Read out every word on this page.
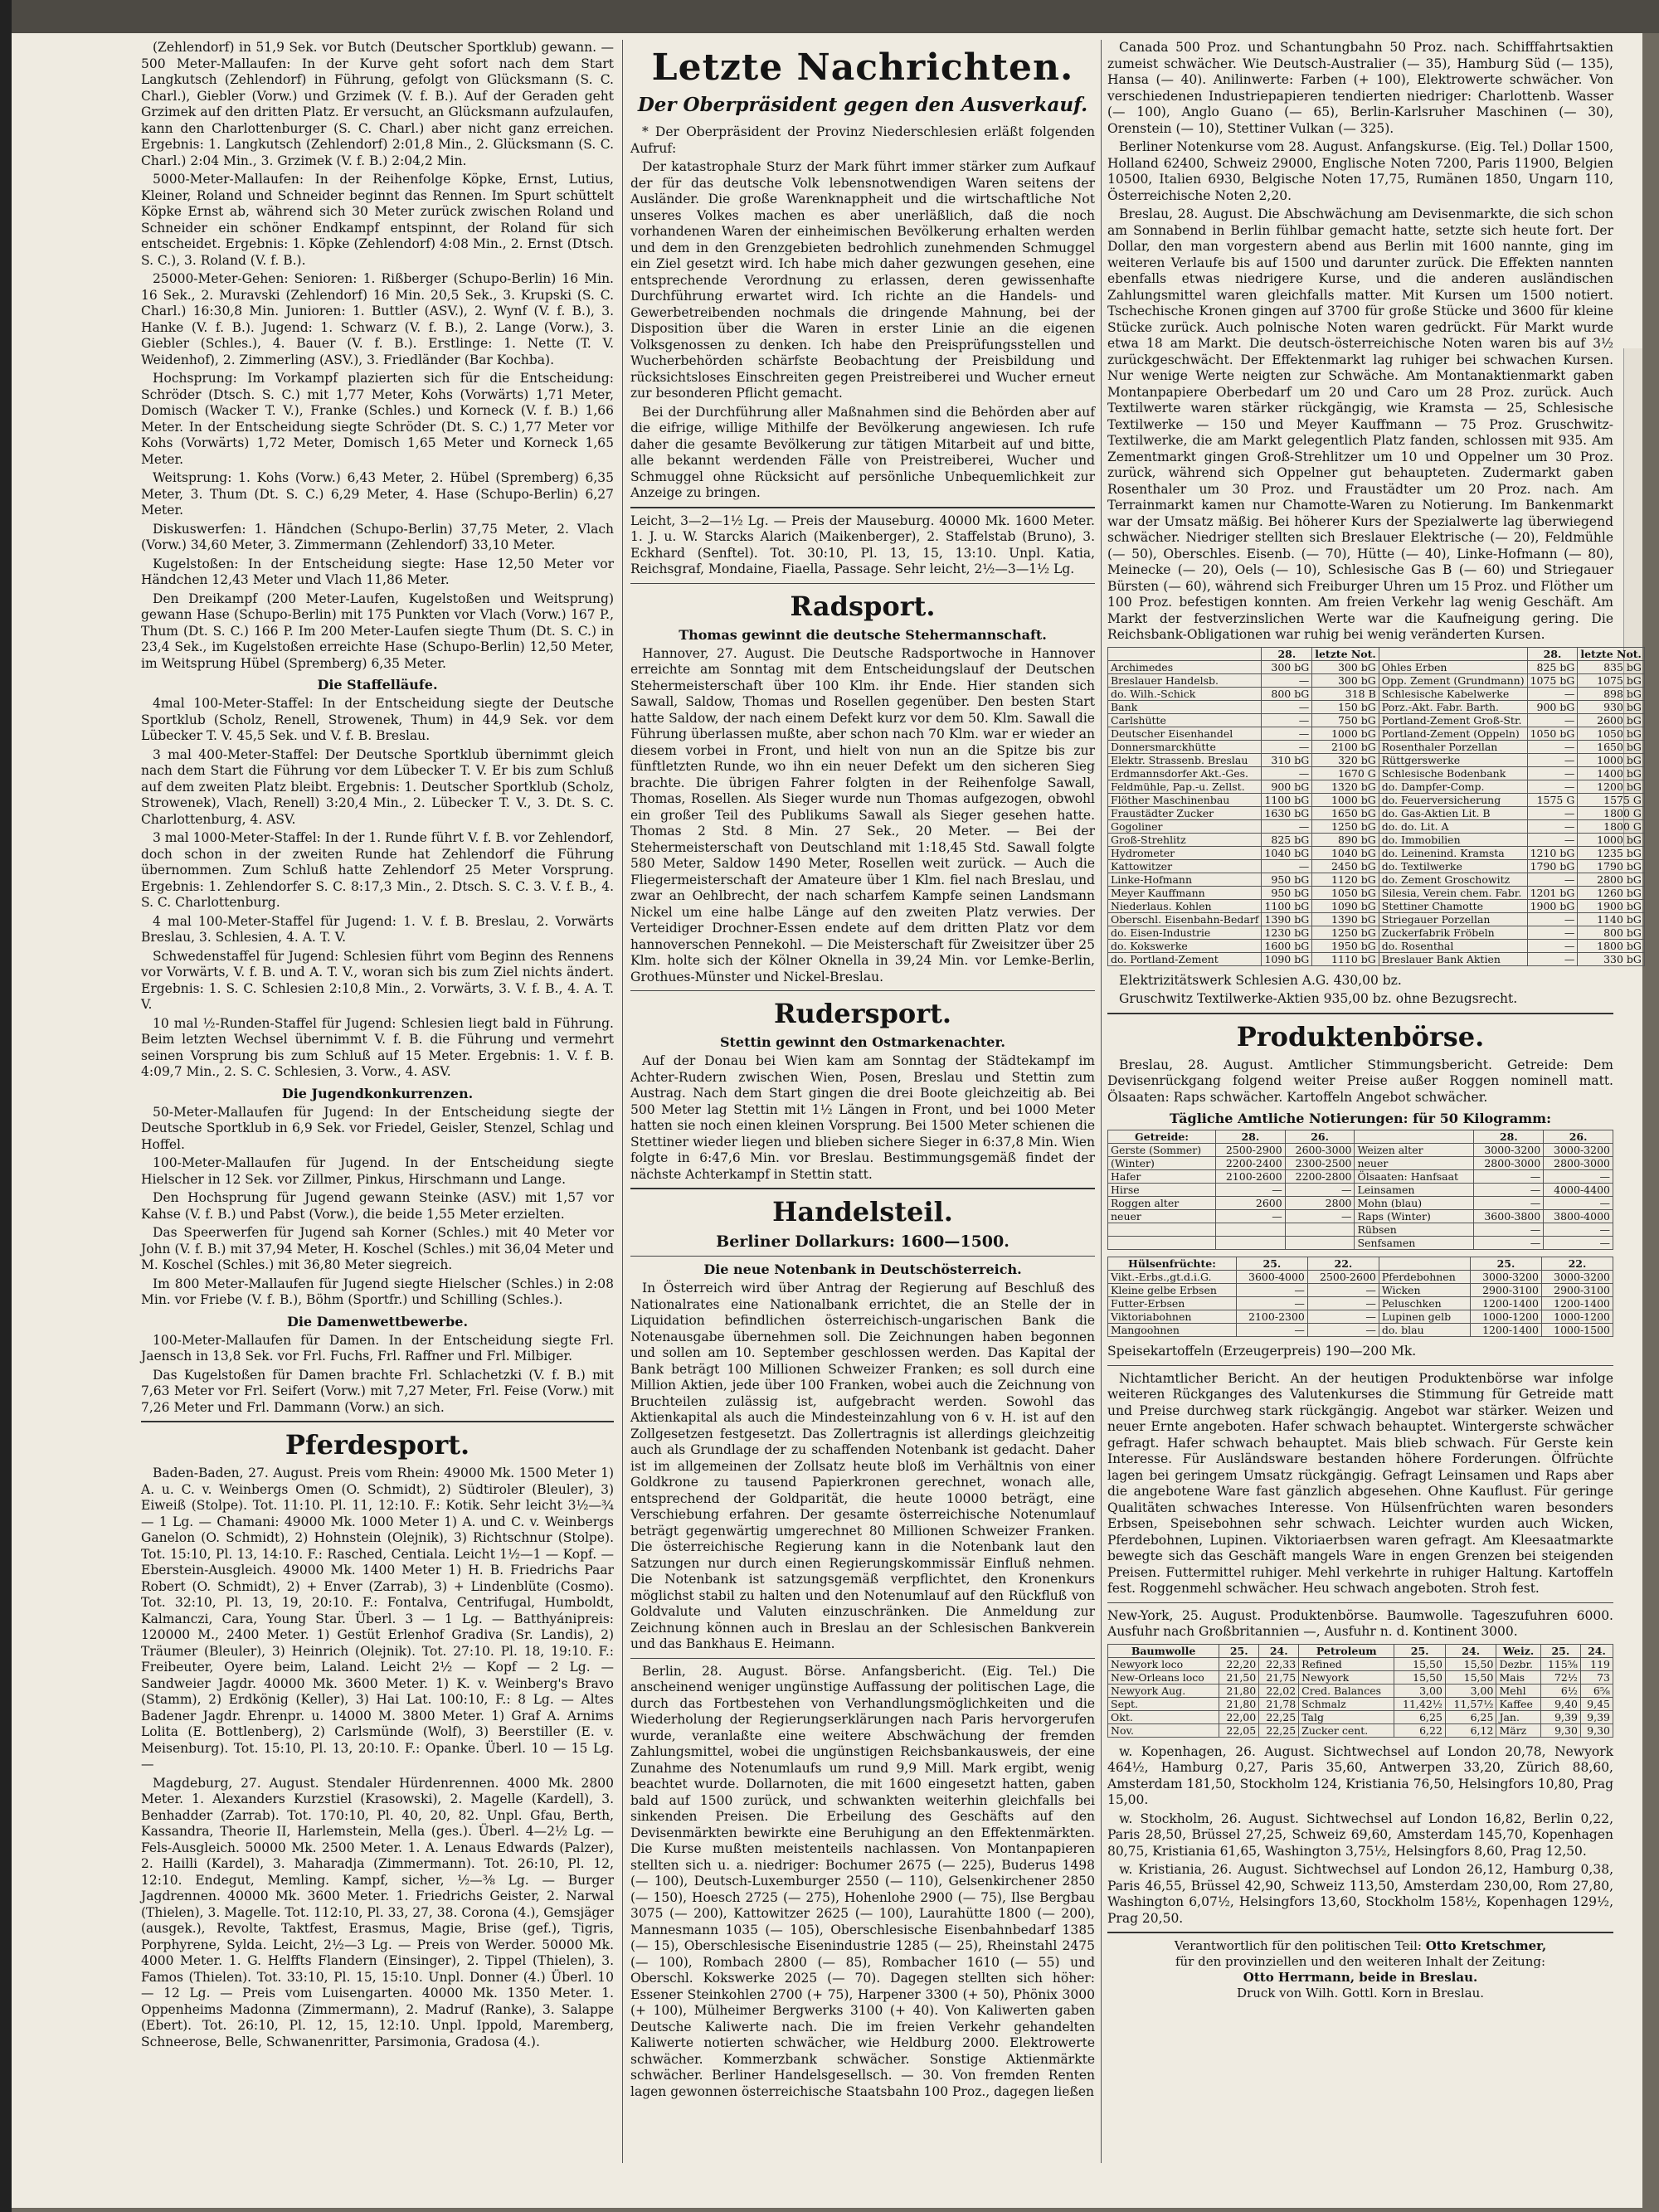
(Zehlendorf) in 51,9 Sek. vor Butch (Deutscher Sportklub) gewann. — 500 Meter-Mallaufen: In der Kurve geht sofort nach dem Start Langkutsch (Zehlendorf) in Führung, gefolgt von Glücksmann (S. C. Charl.), Giebler (Vorw.) und Grzimek (V. f. B.). Auf der Geraden geht Grzimek auf den dritten Platz. Er versucht, an Glücksmann aufzulaufen, kann den Charlottenburger (S. C. Charl.) aber nicht ganz erreichen. Ergebnis: 1. Langkutsch (Zehlendorf) 2:01,8 Min., 2. Glücksmann (S. C. Charl.) 2:04 Min., 3. Grzimek (V. f. B.) 2:04,2 Min.

5000-Meter-Mallaufen: In der Reihenfolge Köpke, Ernst, Lutius, Kleiner, Roland und Schneider beginnt das Rennen. Im Spurt schüttelt Köpke Ernst ab, während sich 30 Meter zurück zwischen Roland und Schneider ein schöner Endkampf entspinnt, der Roland für sich entscheidet. Ergebnis: 1. Köpke (Zehlendorf) 4:08 Min., 2. Ernst (Dtsch. S. C.), 3. Roland (V. f. B.).

25000-Meter-Gehen: Senioren: 1. Rißberger (Schupo-Berlin) 16 Min. 16 Sek., 2. Muravski (Zehlendorf) 16 Min. 20,5 Sek., 3. Krupski (S. C. Charl.) 16:30,8 Min. Junioren: 1. Buttler (ASV.), 2. Wynf (V. f. B.), 3. Hanke (V. f. B.). Jugend: 1. Schwarz (V. f. B.), 2. Lange (Vorw.), 3. Giebler (Schles.), 4. Bauer (V. f. B.). Erstlinge: 1. Nette (T. V. Weidenhof), 2. Zimmerling (ASV.), 3. Friedländer (Bar Kochba).

Hochsprung: Im Vorkampf plazierten sich für die Entscheidung: Schröder (Dtsch. S. C.) mit 1,77 Meter, Kohs (Vorwärts) 1,71 Meter, Domisch (Wacker T. V.), Franke (Schles.) und Korneck (V. f. B.) 1,66 Meter. In der Entscheidung siegte Schröder (Dt. S. C.) 1,77 Meter vor Kohs (Vorwärts) 1,72 Meter, Domisch 1,65 Meter und Korneck 1,65 Meter.

Weitsprung: 1. Kohs (Vorw.) 6,43 Meter, 2. Hübel (Spremberg) 6,35 Meter, 3. Thum (Dt. S. C.) 6,29 Meter, 4. Hase (Schupo-Berlin) 6,27 Meter.

Diskuswerfen: 1. Händchen (Schupo-Berlin) 37,75 Meter, 2. Vlach (Vorw.) 34,60 Meter, 3. Zimmermann (Zehlendorf) 33,10 Meter.

Kugelstoßen: In der Entscheidung siegte: Hase 12,50 Meter vor Händchen 12,43 Meter und Vlach 11,86 Meter.

Den Dreikampf (200 Meter-Laufen, Kugelstoßen und Weitsprung) gewann Hase (Schupo-Berlin) mit 175 Punkten vor Vlach (Vorw.) 167 P., Thum (Dt. S. C.) 166 P. Im 200 Meter-Laufen siegte Thum (Dt. S. C.) in 23,4 Sek., im Kugelstoßen erreichte Hase (Schupo-Berlin) 12,50 Meter, im Weitsprung Hübel (Spremberg) 6,35 Meter.

Die Staffelläufe.

4mal 100-Meter-Staffel: In der Entscheidung siegte der Deutsche Sportklub (Scholz, Renell, Strowenek, Thum) in 44,9 Sek. vor dem Lübecker T. V. 45,5 Sek. und V. f. B. Breslau.

3 mal 400-Meter-Staffel: Der Deutsche Sportklub übernimmt gleich nach dem Start die Führung vor dem Lübecker T. V. Er bis zum Schluß auf dem zweiten Platz bleibt. Ergebnis: 1. Deutscher Sportklub (Scholz, Strowenek), Vlach, Renell) 3:20,4 Min., 2. Lübecker T. V., 3. Dt. S. C. Charlottenburg, 4. ASV.

3 mal 1000-Meter-Staffel: In der 1. Runde führt V. f. B. vor Zehlendorf, doch schon in der zweiten Runde hat Zehlendorf die Führung übernommen. Zum Schluß hatte Zehlendorf 25 Meter Vorsprung. Ergebnis: 1. Zehlendorfer S. C. 8:17,3 Min., 2. Dtsch. S. C. 3. V. f. B., 4. S. C. Charlottenburg.

4 mal 100-Meter-Staffel für Jugend: 1. V. f. B. Breslau, 2. Vorwärts Breslau, 3. Schlesien, 4. A. T. V.

Schwedenstaffel für Jugend: Schlesien führt vom Beginn des Rennens vor Vorwärts, V. f. B. und A. T. V., woran sich bis zum Ziel nichts ändert. Ergebnis: 1. S. C. Schlesien 2:10,8 Min., 2. Vorwärts, 3. V. f. B., 4. A. T. V.

10 mal ½-Runden-Staffel für Jugend: Schlesien liegt bald in Führung. Beim letzten Wechsel übernimmt V. f. B. die Führung und vermehrt seinen Vorsprung bis zum Schluß auf 15 Meter. Ergebnis: 1. V. f. B. 4:09,7 Min., 2. S. C. Schlesien, 3. Vorw., 4. ASV.

Die Jugendkonkurrenzen.

50-Meter-Mallaufen für Jugend: In der Entscheidung siegte der Deutsche Sportklub in 6,9 Sek. vor Friedel, Geisler, Stenzel, Schlag und Hoffel.

100-Meter-Mallaufen für Jugend. In der Entscheidung siegte Hielscher in 12 Sek. vor Zillmer, Pinkus, Hirschmann und Lange.

Den Hochsprung für Jugend gewann Steinke (ASV.) mit 1,57 vor Kahse (V. f. B.) und Pabst (Vorw.), die beide 1,55 Meter erzielten.

Das Speerwerfen für Jugend sah Korner (Schles.) mit 40 Meter vor John (V. f. B.) mit 37,94 Meter, H. Koschel (Schles.) mit 36,04 Meter und M. Koschel (Schles.) mit 36,80 Meter siegreich.

Im 800 Meter-Mallaufen für Jugend siegte Hielscher (Schles.) in 2:08 Min. vor Friebe (V. f. B.), Böhm (Sportfr.) und Schilling (Schles.).

Die Damenwettbewerbe.

100-Meter-Mallaufen für Damen. In der Entscheidung siegte Frl. Jaensch in 13,8 Sek. vor Frl. Fuchs, Frl. Raffner und Frl. Milbiger.

Das Kugelstoßen für Damen brachte Frl. Schlachetzki (V. f. B.) mit 7,63 Meter vor Frl. Seifert (Vorw.) mit 7,27 Meter, Frl. Feise (Vorw.) mit 7,26 Meter und Frl. Dammann (Vorw.) an sich.

Pferdesport.

Baden-Baden, 27. August. Preis vom Rhein: 49000 Mk. 1500 Meter 1) A. u. C. v. Weinbergs Omen (O. Schmidt), 2) Südtiroler (Bleuler), 3) Eiweiß (Stolpe). Tot. 11:10. Pl. 11, 12:10. F.: Kotik. Sehr leicht 3½—¾ — 1 Lg. — Chamani: 49000 Mk. 1000 Meter 1) A. und C. v. Weinbergs Ganelon (O. Schmidt), 2) Hohnstein (Olejnik), 3) Richtschnur (Stolpe). Tot. 15:10, Pl. 13, 14:10. F.: Rasched, Centiala. Leicht 1½—1 — Kopf. — Eberstein-Ausgleich. 49000 Mk. 1400 Meter 1) H. B. Friedrichs Paar Robert (O. Schmidt), 2) + Enver (Zarrab), 3) + Lindenblüte (Cosmo). Tot. 32:10, Pl. 13, 19, 20:10. F.: Fontalva, Centrifugal, Humboldt, Kalmanczi, Cara, Young Star. Überl. 3 — 1 Lg. — Batthyánipreis: 120000 M., 2400 Meter. 1) Gestüt Erlenhof Gradiva (Sr. Landis), 2) Träumer (Bleuler), 3) Heinrich (Olejnik). Tot. 27:10. Pl. 18, 19:10. F.: Freibeuter, Oyere beim, Laland. Leicht 2½ — Kopf — 2 Lg. — Sandweier Jagdr. 40000 Mk. 3600 Meter. 1) K. v. Weinberg's Bravo (Stamm), 2) Erdkönig (Keller), 3) Hai Lat. 100:10, F.: 8 Lg. — Altes Badener Jagdr. Ehrenpr. u. 14000 M. 3800 Meter. 1) Graf A. Arnims Lolita (E. Bottlenberg), 2) Carlsmünde (Wolf), 3) Beerstiller (E. v. Meisenburg). Tot. 15:10, Pl. 13, 20:10. F.: Opanke. Überl. 10 — 15 Lg. —

Magdeburg, 27. August. Stendaler Hürdenrennen. 4000 Mk. 2800 Meter. 1. Alexanders Kurzstiel (Krasowski), 2. Magelle (Kardell), 3. Benhadder (Zarrab). Tot. 170:10, Pl. 40, 20, 82. Unpl. Gfau, Berth, Kassandra, Theorie II, Harlemstein, Mella (ges.). Überl. 4—2½ Lg. — Fels-Ausgleich. 50000 Mk. 2500 Meter. 1. A. Lenaus Edwards (Palzer), 2. Hailli (Kardel), 3. Maharadja (Zimmermann). Tot. 26:10, Pl. 12, 12:10. Endegut, Memling. Kampf, sicher, ½—⅜ Lg. — Burger Jagdrennen. 40000 Mk. 3600 Meter. 1. Friedrichs Geister, 2. Narwal (Thielen), 3. Magelle. Tot. 112:10, Pl. 33, 27, 38. Corona (4.), Gemsjäger (ausgek.), Revolte, Taktfest, Erasmus, Magie, Brise (gef.), Tigris, Porphyrene, Sylda. Leicht, 2½—3 Lg. — Preis von Werder. 50000 Mk. 4000 Meter. 1. G. Helffts Flandern (Einsinger), 2. Tippel (Thielen), 3. Famos (Thielen). Tot. 33:10, Pl. 15, 15:10. Unpl. Donner (4.) Überl. 10 — 12 Lg. — Preis vom Luisengarten. 40000 Mk. 1350 Meter. 1. Oppenheims Madonna (Zimmermann), 2. Madruf (Ranke), 3. Salappe (Ebert). Tot. 26:10, Pl. 12, 15, 12:10. Unpl. Ippold, Maremberg, Schneerose, Belle, Schwanenritter, Parsimonia, Gradosa (4.).

Letzte Nachrichten.
Der Oberpräsident gegen den Ausverkauf.

* Der Oberpräsident der Provinz Niederschlesien erläßt folgenden Aufruf:

Der katastrophale Sturz der Mark führt immer stärker zum Aufkauf der für das deutsche Volk lebensnotwendigen Waren seitens der Ausländer. Die große Warenknappheit und die wirtschaftliche Not unseres Volkes machen es aber unerläßlich, daß die noch vorhandenen Waren der einheimischen Bevölkerung erhalten werden und dem in den Grenzgebieten bedrohlich zunehmenden Schmuggel ein Ziel gesetzt wird. Ich habe mich daher gezwungen gesehen, eine entsprechende Verordnung zu erlassen, deren gewissenhafte Durchführung erwartet wird. Ich richte an die Handels- und Gewerbetreibenden nochmals die dringende Mahnung, bei der Disposition über die Waren in erster Linie an die eigenen Volksgenossen zu denken. Ich habe den Preisprüfungsstellen und Wucherbehörden schärfste Beobachtung der Preisbildung und rücksichtsloses Einschreiten gegen Preistreiberei und Wucher erneut zur besonderen Pflicht gemacht.

Bei der Durchführung aller Maßnahmen sind die Behörden aber auf die eifrige, willige Mithilfe der Bevölkerung angewiesen. Ich rufe daher die gesamte Bevölkerung zur tätigen Mitarbeit auf und bitte, alle bekannt werdenden Fälle von Preistreiberei, Wucher und Schmuggel ohne Rücksicht auf persönliche Unbequemlichkeit zur Anzeige zu bringen.

Leicht, 3—2—1½ Lg. — Preis der Mauseburg. 40000 Mk. 1600 Meter. 1. J. u. W. Starcks Alarich (Maikenberger), 2. Staffelstab (Bruno), 3. Eckhard (Senftel). Tot. 30:10, Pl. 13, 15, 13:10. Unpl. Katia, Reichsgraf, Mondaine, Fiaella, Passage. Sehr leicht, 2½—3—1½ Lg.

Radsport.
Thomas gewinnt die deutsche Stehermannschaft.

Hannover, 27. August. Die Deutsche Radsportwoche in Hannover erreichte am Sonntag mit dem Entscheidungslauf der Deutschen Stehermeisterschaft über 100 Klm. ihr Ende. Hier standen sich Sawall, Saldow, Thomas und Rosellen gegenüber. Den besten Start hatte Saldow, der nach einem Defekt kurz vor dem 50. Klm. Sawall die Führung überlassen mußte, aber schon nach 70 Klm. war er wieder an diesem vorbei in Front, und hielt von nun an die Spitze bis zur fünftletzten Runde, wo ihn ein neuer Defekt um den sicheren Sieg brachte. Die übrigen Fahrer folgten in der Reihenfolge Sawall, Thomas, Rosellen. Als Sieger wurde nun Thomas aufgezogen, obwohl ein großer Teil des Publikums Sawall als Sieger gesehen hatte. Thomas 2 Std. 8 Min. 27 Sek., 20 Meter. — Bei der Stehermeisterschaft von Deutschland mit 1:18,45 Std. Sawall folgte 580 Meter, Saldow 1490 Meter, Rosellen weit zurück. — Auch die Fliegermeisterschaft der Amateure über 1 Klm. fiel nach Breslau, und zwar an Oehlbrecht, der nach scharfem Kampfe seinen Landsmann Nickel um eine halbe Länge auf den zweiten Platz verwies. Der Verteidiger Drochner-Essen endete auf dem dritten Platz vor dem hannoverschen Pennekohl. — Die Meisterschaft für Zweisitzer über 25 Klm. holte sich der Kölner Oknella in 39,24 Min. vor Lemke-Berlin, Grothues-Münster und Nickel-Breslau.

Rudersport.
Stettin gewinnt den Ostmarkenachter.

Auf der Donau bei Wien kam am Sonntag der Städtekampf im Achter-Rudern zwischen Wien, Posen, Breslau und Stettin zum Austrag. Nach dem Start gingen die drei Boote gleichzeitig ab. Bei 500 Meter lag Stettin mit 1½ Längen in Front, und bei 1000 Meter hatten sie noch einen kleinen Vorsprung. Bei 1500 Meter schienen die Stettiner wieder liegen und blieben sichere Sieger in 6:37,8 Min. Wien folgte in 6:47,6 Min. vor Breslau. Bestimmungsgemäß findet der nächste Achterkampf in Stettin statt.

Handelsteil.
Berliner Dollarkurs: 1600—1500.
Die neue Notenbank in Deutschösterreich.

In Österreich wird über Antrag der Regierung auf Beschluß des Nationalrates eine Nationalbank errichtet, die an Stelle der in Liquidation befindlichen österreichisch-ungarischen Bank die Notenausgabe übernehmen soll. Die Zeichnungen haben begonnen und sollen am 10. September geschlossen werden. Das Kapital der Bank beträgt 100 Millionen Schweizer Franken; es soll durch eine Million Aktien, jede über 100 Franken, wobei auch die Zeichnung von Bruchteilen zulässig ist, aufgebracht werden. Sowohl das Aktienkapital als auch die Mindesteinzahlung von 6 v. H. ist auf den Zollgesetzen festgesetzt. Das Zollertragnis ist allerdings gleichzeitig auch als Grundlage der zu schaffenden Notenbank ist gedacht. Daher ist im allgemeinen der Zollsatz heute bloß im Verhältnis von einer Goldkrone zu tausend Papierkronen gerechnet, wonach alle, entsprechend der Goldparität, die heute 10000 beträgt, eine Verschiebung erfahren. Der gesamte österreichische Notenumlauf beträgt gegenwärtig umgerechnet 80 Millionen Schweizer Franken. Die österreichische Regierung kann in die Notenbank laut den Satzungen nur durch einen Regierungskommissär Einfluß nehmen. Die Notenbank ist satzungsgemäß verpflichtet, den Kronenkurs möglichst stabil zu halten und den Notenumlauf auf den Rückfluß von Goldvalute und Valuten einzuschränken. Die Anmeldung zur Zeichnung können auch in Breslau an der Schlesischen Bankverein und das Bankhaus E. Heimann.

Berlin, 28. August. Börse. Anfangsbericht. (Eig. Tel.) Die anscheinend weniger ungünstige Auffassung der politischen Lage, die durch das Fortbestehen von Verhandlungsmöglichkeiten und die Wiederholung der Regierungserklärungen nach Paris hervorgerufen wurde, veranlaßte eine weitere Abschwächung der fremden Zahlungsmittel, wobei die ungünstigen Reichsbankausweis, der eine Zunahme des Notenumlaufs um rund 9,9 Mill. Mark ergibt, wenig beachtet wurde. Dollarnoten, die mit 1600 eingesetzt hatten, gaben bald auf 1500 zurück, und schwankten weiterhin gleichfalls bei sinkenden Preisen. Die Erbeilung des Geschäfts auf den Devisenmärkten bewirkte eine Beruhigung an den Effektenmärkten. Die Kurse mußten meistenteils nachlassen. Von Montanpapieren stellten sich u. a. niedriger: Bochumer 2675 (— 225), Buderus 1498 (— 100), Deutsch-Luxemburger 2550 (— 110), Gelsenkirchener 2850 (— 150), Hoesch 2725 (— 275), Hohenlohe 2900 (— 75), Ilse Bergbau 3075 (— 200), Kattowitzer 2625 (— 100), Laurahütte 1800 (— 200), Mannesmann 1035 (— 105), Oberschlesische Eisenbahnbedarf 1385 (— 15), Oberschlesische Eisenindustrie 1285 (— 25), Rheinstahl 2475 (— 100), Rombach 2800 (— 85), Rombacher 1610 (— 55) und Oberschl. Kokswerke 2025 (— 70). Dagegen stellten sich höher: Essener Steinkohlen 2700 (+ 75), Harpener 3300 (+ 50), Phönix 3000 (+ 100), Mülheimer Bergwerks 3100 (+ 40). Von Kaliwerten gaben Deutsche Kaliwerte nach. Die im freien Verkehr gehandelten Kaliwerte notierten schwächer, wie Heldburg 2000. Elektrowerte schwächer. Kommerzbank schwächer. Sonstige Aktienmärkte schwächer. Berliner Handelsgesellsch. — 30. Von fremden Renten lagen gewonnen österreichische Staatsbahn 100 Proz., dagegen ließen

Canada 500 Proz. und Schantungbahn 50 Proz. nach. Schifffahrtsaktien zumeist schwächer. Wie Deutsch-Australier (— 35), Hamburg Süd (— 135), Hansa (— 40). Anilinwerte: Farben (+ 100), Elektrowerte schwächer. Von verschiedenen Industriepapieren tendierten niedriger: Charlottenb. Wasser (— 100), Anglo Guano (— 65), Berlin-Karlsruher Maschinen (— 30), Orenstein (— 10), Stettiner Vulkan (— 325).

Berliner Notenkurse vom 28. August. Anfangskurse. (Eig. Tel.) Dollar 1500, Holland 62400, Schweiz 29000, Englische Noten 7200, Paris 11900, Belgien 10500, Italien 6930, Belgische Noten 17,75, Rumänen 1850, Ungarn 110, Österreichische Noten 2,20.

Breslau, 28. August. Die Abschwächung am Devisenmarkte, die sich schon am Sonnabend in Berlin fühlbar gemacht hatte, setzte sich heute fort. Der Dollar, den man vorgestern abend aus Berlin mit 1600 nannte, ging im weiteren Verlaufe bis auf 1500 und darunter zurück. Die Effekten nannten ebenfalls etwas niedrigere Kurse, und die anderen ausländischen Zahlungsmittel waren gleichfalls matter. Mit Kursen um 1500 notiert. Tschechische Kronen gingen auf 3700 für große Stücke und 3600 für kleine Stücke zurück. Auch polnische Noten waren gedrückt. Für Markt wurde etwa 18 am Markt. Die deutsch-österreichische Noten waren bis auf 3½ zurückgeschwächt. Der Effektenmarkt lag ruhiger bei schwachen Kursen. Nur wenige Werte neigten zur Schwäche. Am Montanaktienmarkt gaben Montanpapiere Oberbedarf um 20 und Caro um 28 Proz. zurück. Auch Textilwerte waren stärker rückgängig, wie Kramsta — 25, Schlesische Textilwerke — 150 und Meyer Kauffmann — 75 Proz. Gruschwitz-Textilwerke, die am Markt gelegentlich Platz fanden, schlossen mit 935. Am Zementmarkt gingen Groß-Strehlitzer um 10 und Oppelner um 30 Proz. zurück, während sich Oppelner gut behaupteten. Zudermarkt gaben Rosenthaler um 30 Proz. und Fraustädter um 20 Proz. nach. Am Terrainmarkt kamen nur Chamotte-Waren zu Notierung. Im Bankenmarkt war der Umsatz mäßig. Bei höherer Kurs der Spezialwerte lag überwiegend schwächer. Niedriger stellten sich Breslauer Elektrische (— 20), Feldmühle (— 50), Oberschles. Eisenb. (— 70), Hütte (— 40), Linke-Hofmann (— 80), Meinecke (— 20), Oels (— 10), Schlesische Gas B (— 60) und Striegauer Bürsten (— 60), während sich Freiburger Uhren um 15 Proz. und Flöther um 100 Proz. befestigen konnten. Am freien Verkehr lag wenig Geschäft. Am Markt der festverzinslichen Werte war die Kaufneigung gering. Die Reichsbank-Obligationen war ruhig bei wenig veränderten Kursen.

	28.	letzte Not.		28.	letzte Not.
Archimedes	300 bG	300 bG	Ohles Erben	825 bG	835 bG
Breslauer Handelsb.	—	300 bG	Opp. Zement (Grundmann)	1075 bG	1075 bG
do. Wilh.-Schick	800 bG	318 B	Schlesische Kabelwerke	—	898 bG
Bank	—	150 bG	Porz.-Akt. Fabr. Barth.	900 bG	930 bG
Carlshütte	—	750 bG	Portland-Zement Groß-Str.	—	2600 bG
Deutscher Eisenhandel	—	1000 bG	Portland-Zement (Oppeln)	1050 bG	1050 bG
Donnersmarckhütte	—	2100 bG	Rosenthaler Porzellan	—	1650 bG
Elektr. Strassenb. Breslau	310 bG	320 bG	Rüttgerswerke	—	1000 bG
Erdmannsdorfer Akt.-Ges.	—	1670 G	Schlesische Bodenbank	—	1400 bG
Feldmühle, Pap.-u. Zellst.	900 bG	1320 bG	do. Dampfer-Comp.	—	1200 bG
Flöther Maschinenbau	1100 bG	1000 bG	do. Feuerversicherung	1575 G	1575 G
Fraustädter Zucker	1630 bG	1650 bG	do. Gas-Aktien Lit. B	—	1800 G
Gogoliner	—	1250 bG	do. do. Lit. A	—	1800 G
Groß-Strehlitz	825 bG	890 bG	do. Immobilien	—	1000 bG
Hydrometer	1040 bG	1040 bG	do. Leinenind. Kramsta	1210 bG	1235 bG
Kattowitzer	—	2450 bG	do. Textilwerke	1790 bG	1790 bG
Linke-Hofmann	950 bG	1120 bG	do. Zement Groschowitz	—	2800 bG
Meyer Kauffmann	950 bG	1050 bG	Silesia, Verein chem. Fabr.	1201 bG	1260 bG
Niederlaus. Kohlen	1100 bG	1090 bG	Stettiner Chamotte	1900 bG	1900 bG
Oberschl. Eisenbahn-Bedarf	1390 bG	1390 bG	Striegauer Porzellan	—	1140 bG
do. Eisen-Industrie	1230 bG	1250 bG	Zuckerfabrik Fröbeln	—	800 bG
do. Kokswerke	1600 bG	1950 bG	do. Rosenthal	—	1800 bG
do. Portland-Zement	1090 bG	1110 bG	Breslauer Bank Aktien	—	330 bG

Elektrizitätswerk Schlesien A.G. 430,00 bz.

Gruschwitz Textilwerke-Aktien 935,00 bz. ohne Bezugsrecht.

Produktenbörse.

Breslau, 28. August. Amtlicher Stimmungsbericht. Getreide: Dem Devisenrückgang folgend weiter Preise außer Roggen nominell matt. Ölsaaten: Raps schwächer. Kartoffeln Angebot schwächer.

Tägliche Amtliche Notierungen: für 50 Kilogramm:
Getreide:	28.	26.		28.	26.
Gerste (Sommer)	2500-2900	2600-3000	Weizen alter	3000-3200	3000-3200
(Winter)	2200-2400	2300-2500	neuer	2800-3000	2800-3000
Hafer	2100-2600	2200-2800	Ölsaaten: Hanfsaat	—	—
Hirse	—	—	Leinsamen	—	4000-4400
Roggen alter	2600	2800	Mohn (blau)	—	—
neuer	—	—	Raps (Winter)	3600-3800	3800-4000
			Rübsen	—	—
			Senfsamen	—	—
Hülsenfrüchte:	25.	22.		25.	22.
Vikt.-Erbs.,gt.d.i.G.	3600-4000	2500-2600	Pferdebohnen	3000-3200	3000-3200
Kleine gelbe Erbsen	—	—	Wicken	2900-3100	2900-3100
Futter-Erbsen	—	—	Peluschken	1200-1400	1200-1400
Viktoriabohnen	2100-2300	—	Lupinen gelb	1000-1200	1000-1200
Mangoohnen	—	—	do. blau	1200-1400	1000-1500

Speisekartoffeln (Erzeugerpreis) 190—200 Mk.

Nichtamtlicher Bericht. An der heutigen Produktenbörse war infolge weiteren Rückganges des Valutenkurses die Stimmung für Getreide matt und Preise durchweg stark rückgängig. Angebot war stärker. Weizen und neuer Ernte angeboten. Hafer schwach behauptet. Wintergerste schwächer gefragt. Hafer schwach behauptet. Mais blieb schwach. Für Gerste kein Interesse. Für Ausländsware bestanden höhere Forderungen. Ölfrüchte lagen bei geringem Umsatz rückgängig. Gefragt Leinsamen und Raps aber die angebotene Ware fast gänzlich abgesehen. Ohne Kauflust. Für geringe Qualitäten schwaches Interesse. Von Hülsenfrüchten waren besonders Erbsen, Speisebohnen sehr schwach. Leichter wurden auch Wicken, Pferdebohnen, Lupinen. Viktoriaerbsen waren gefragt. Am Kleesaatmarkte bewegte sich das Geschäft mangels Ware in engen Grenzen bei steigenden Preisen. Futtermittel ruhiger. Mehl verkehrte in ruhiger Haltung. Kartoffeln fest. Roggenmehl schwächer. Heu schwach angeboten. Stroh fest.

New-York, 25. August. Produktenbörse. Baumwolle. Tageszufuhren 6000. Ausfuhr nach Großbritannien —, Ausfuhr n. d. Kontinent 3000.

Baumwolle	25.	24.	Petroleum	25.	24.	Weiz.	25.	24.
Newyork loco	22,20	22,33	Refined	15,50	15,50	Dezbr.	115⅝	119
New-Orleans loco	21,50	21,75	Newyork	15,50	15,50	Mais	72½	73
Newyork Aug.	21,80	22,02	Cred. Balances	3,00	3,00	Mehl	6½	6⅝
Sept.	21,80	21,78	Schmalz	11,42½	11,57½	Kaffee	9,40	9,45
Okt.	22,00	22,25	Talg	6,25	6,25	Jan.	9,39	9,39
Nov.	22,05	22,25	Zucker cent.	6,22	6,12	März	9,30	9,30

w. Kopenhagen, 26. August. Sichtwechsel auf London 20,78, Newyork 464½, Hamburg 0,27, Paris 35,60, Antwerpen 33,20, Zürich 88,60, Amsterdam 181,50, Stockholm 124, Kristiania 76,50, Helsingfors 10,80, Prag 15,00.

w. Stockholm, 26. August. Sichtwechsel auf London 16,82, Berlin 0,22, Paris 28,50, Brüssel 27,25, Schweiz 69,60, Amsterdam 145,70, Kopenhagen 80,75, Kristiania 61,65, Washington 3,75½, Helsingfors 8,60, Prag 12,50.

w. Kristiania, 26. August. Sichtwechsel auf London 26,12, Hamburg 0,38, Paris 46,55, Brüssel 42,90, Schweiz 113,50, Amsterdam 230,00, Rom 27,80, Washington 6,07½, Helsingfors 13,60, Stockholm 158½, Kopenhagen 129½, Prag 20,50.

Verantwortlich für den politischen Teil: Otto Kretschmer,
für den provinziellen und den weiteren Inhalt der Zeitung:
Otto Herrmann, beide in Breslau.
Druck von Wilh. Gottl. Korn in Breslau.
